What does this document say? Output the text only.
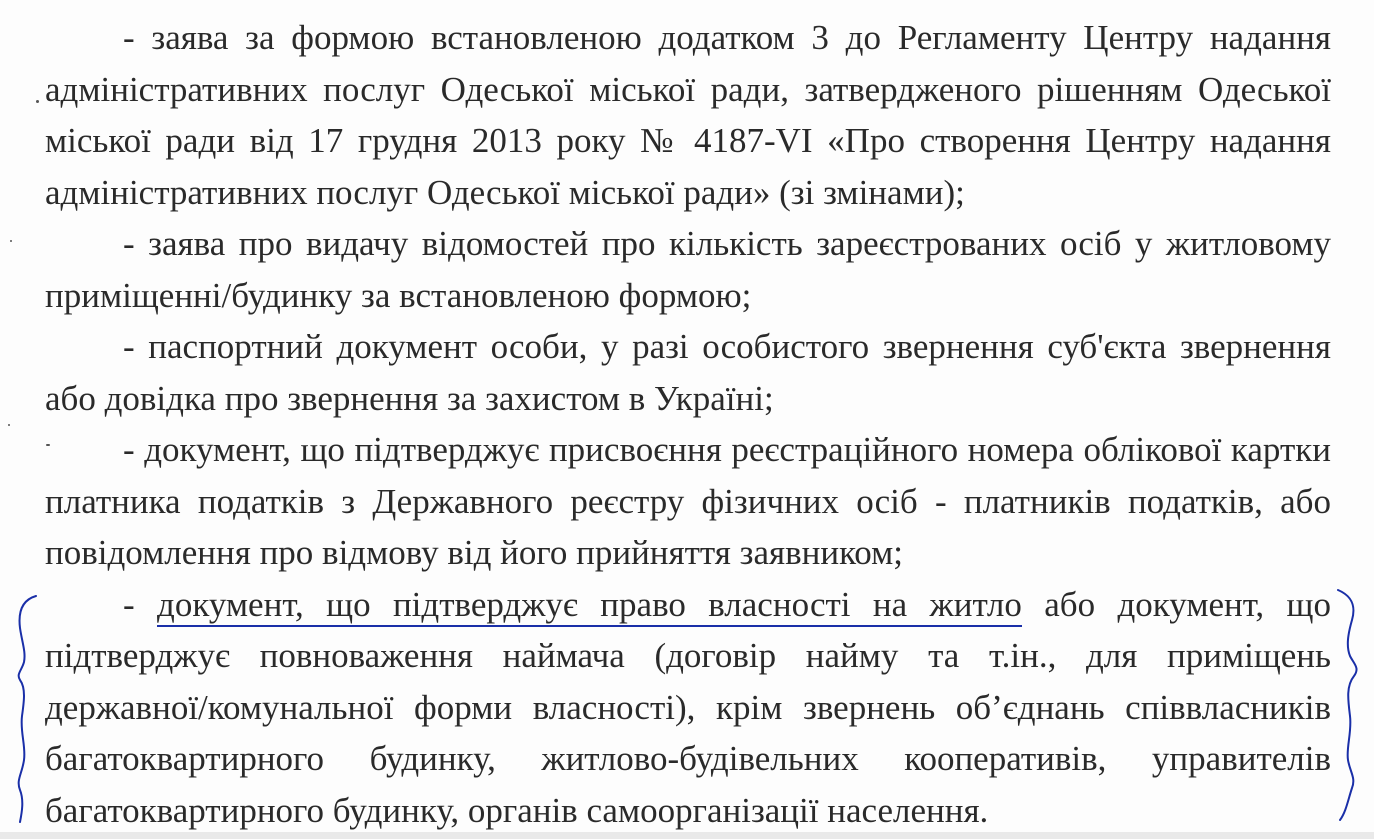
- заява за формою встановленою додатком 3 до Регламенту Центру надання адміністративних послуг Одеської міської ради, затвердженого рішенням Одеської міської ради від 17 грудня 2013 року № 4187-VI «Про створення Центру надання адміністративних послуг Одеської міської ради» (зі змінами);

- заява про видачу відомостей про кількість зареєстрованих осіб у житловому приміщенні/будинку за встановленою формою;

- паспортний документ особи, у разі особистого звернення суб'єкта звернення або довідка про звернення за захистом в Україні;

- документ, що підтверджує присвоєння реєстраційного номера облікової картки платника податків з Державного реєстру фізичних осіб - платників податків, або повідомлення про відмову від його прийняття заявником;

- документ, що підтверджує право власності на житло або документ, що підтверджує повноваження наймача (договір найму та т.ін., для приміщень державної/комунальної форми власності), крім звернень об’єднань співвласників багатоквартирного будинку, житлово-будівельних кооперативів, управителів багатоквартирного будинку, органів самоорганізації населення.
